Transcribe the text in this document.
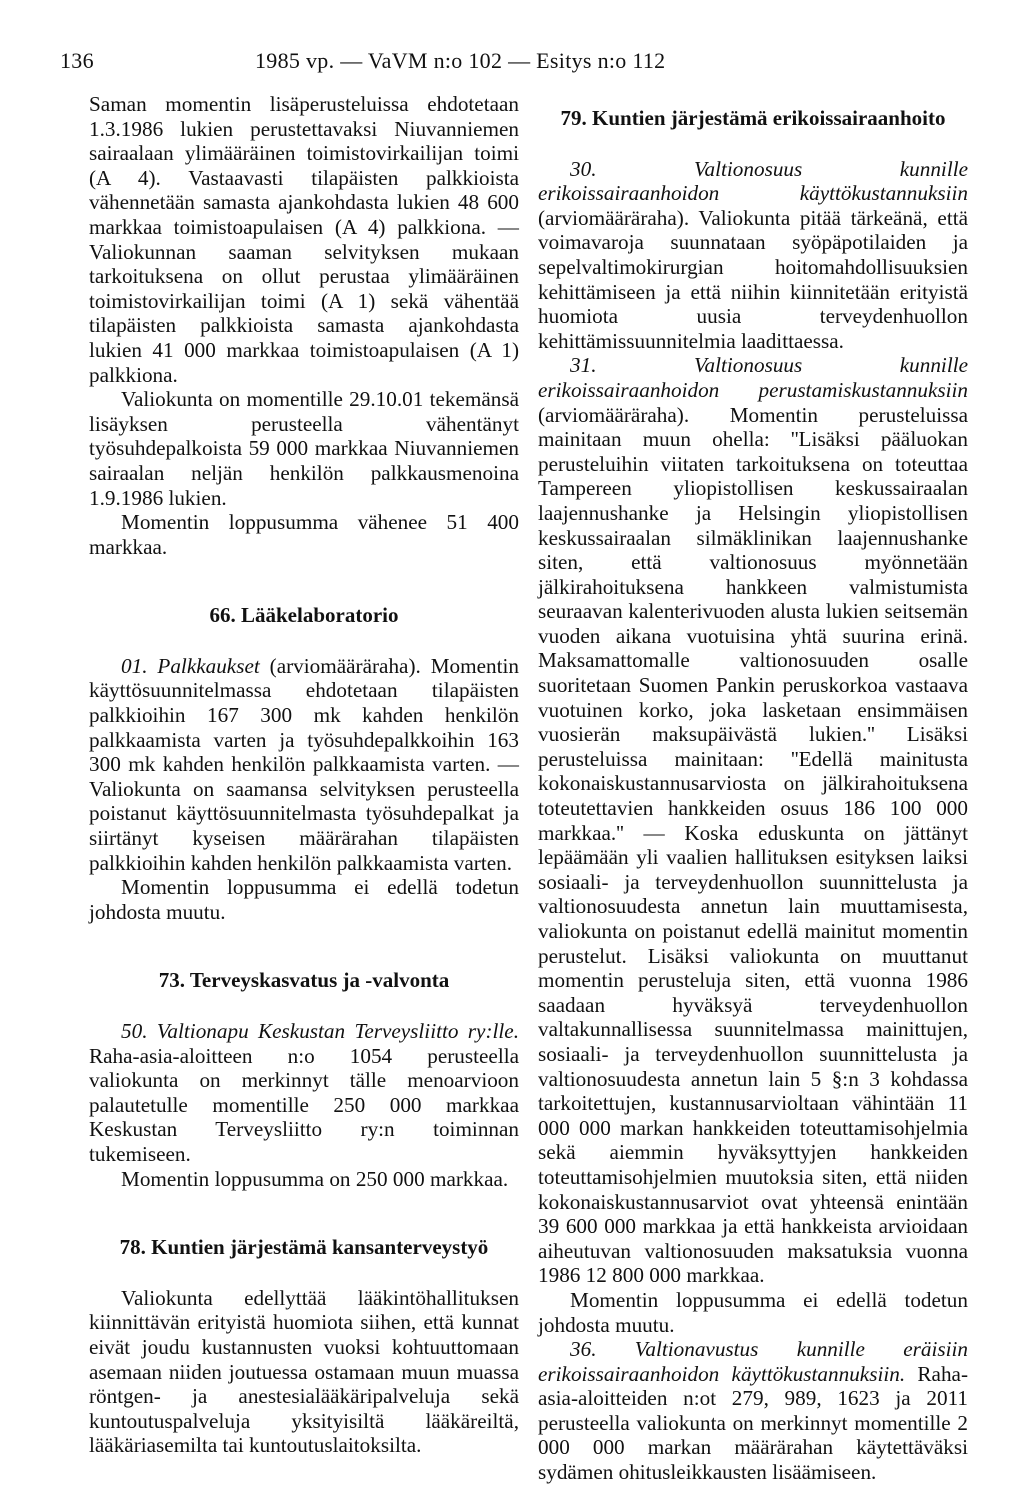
136	1985 vp. — VaVM n:o 102 — Esitys n:o 112

Saman momentin lisäperusteluissa ehdotetaan 1.3.1986 lukien perustettavaksi Niuvanniemen sairaalaan ylimääräinen toimistovirkailijan toimi (A 4). Vastaavasti tilapäisten palkkioista vähennetään samasta ajankohdasta lukien 48 600 markkaa toimistoapulaisen (A 4) palkkiona. — Valiokunnan saaman selvityksen mukaan tarkoituksena on ollut perustaa ylimääräinen toimistovirkailijan toimi (A 1) sekä vähentää tilapäisten palkkioista samasta ajankohdasta lukien 41 000 markkaa toimistoapulaisen (A 1) palkkiona.

Valiokunta on momentille 29.10.01 tekemänsä lisäyksen perusteella vähentänyt työsuhdepalkoista 59 000 markkaa Niuvanniemen sairaalan neljän henkilön palkkausmenoina 1.9.1986 lukien.

Momentin loppusumma vähenee 51 400 markkaa.

66. Lääkelaboratorio

01. Palkkaukset (arviomääräraha). Momentin käyttösuunnitelmassa ehdotetaan tilapäisten palkkioihin 167 300 mk kahden henkilön palkkaamista varten ja työsuhdepalkkoihin 163 300 mk kahden henkilön palkkaamista varten. — Valiokunta on saamansa selvityksen perusteella poistanut käyttösuunnitelmasta työsuhdepalkat ja siirtänyt kyseisen määrärahan tilapäisten palkkioihin kahden henkilön palkkaamista varten.

Momentin loppusumma ei edellä todetun johdosta muutu.

73. Terveyskasvatus ja -valvonta

50. Valtionapu Keskustan Terveysliitto ry:lle. Raha-asia-aloitteen n:o 1054 perusteella valiokunta on merkinnyt tälle menoarvioon palautetulle momentille 250 000 markkaa Keskustan Terveysliitto ry:n toiminnan tukemiseen.

Momentin loppusumma on 250 000 markkaa.

78. Kuntien järjestämä kansanterveystyö

Valiokunta edellyttää lääkintöhallituksen kiinnittävän erityistä huomiota siihen, että kunnat eivät joudu kustannusten vuoksi kohtuuttomaan asemaan niiden joutuessa ostamaan muun muassa röntgen- ja anestesialääkäripalveluja sekä kuntoutuspalveluja yksityisiltä lääkäreiltä, lääkäriasemilta tai kuntoutuslaitoksilta.

79. Kuntien järjestämä erikoissairaanhoito

30. Valtionosuus kunnille erikoissairaanhoidon käyttökustannuksiin (arviomääräraha). Valiokunta pitää tärkeänä, että voimavaroja suunnataan syöpäpotilaiden ja sepelvaltimokirurgian hoitomahdollisuuksien kehittämiseen ja että niihin kiinnitetään erityistä huomiota uusia terveydenhuollon kehittämissuunnitelmia laadittaessa.

31. Valtionosuus kunnille erikoissairaanhoidon perustamiskustannuksiin (arviomääräraha). Momentin perusteluissa mainitaan muun ohella: ''Lisäksi pääluokan perusteluihin viitaten tarkoituksena on toteuttaa Tampereen yliopistollisen keskussairaalan laajennushanke ja Helsingin yliopistollisen keskussairaalan silmäklinikan laajennushanke siten, että valtionosuus myönnetään jälkirahoituksena hankkeen valmistumista seuraavan kalenterivuoden alusta lukien seitsemän vuoden aikana vuotuisina yhtä suurina erinä. Maksamattomalle valtionosuuden osalle suoritetaan Suomen Pankin peruskorkoa vastaava vuotuinen korko, joka lasketaan ensimmäisen vuosierän maksupäivästä lukien.'' Lisäksi perusteluissa mainitaan: ''Edellä mainitusta kokonaiskustannusarviosta on jälkirahoituksena toteutettavien hankkeiden osuus 186 100 000 markkaa.'' — Koska eduskunta on jättänyt lepäämään yli vaalien hallituksen esityksen laiksi sosiaali- ja terveydenhuollon suunnittelusta ja valtionosuudesta annetun lain muuttamisesta, valiokunta on poistanut edellä mainitut momentin perustelut. Lisäksi valiokunta on muuttanut momentin perusteluja siten, että vuonna 1986 saadaan hyväksyä terveydenhuollon valtakunnallisessa suunnitelmassa mainittujen, sosiaali- ja terveydenhuollon suunnittelusta ja valtionosuudesta annetun lain 5 §:n 3 kohdassa tarkoitettujen, kustannusarvioltaan vähintään 11 000 000 markan hankkeiden toteuttamisohjelmia sekä aiemmin hyväksyttyjen hankkeiden toteuttamisohjelmien muutoksia siten, että niiden kokonaiskustannusarviot ovat yhteensä enintään 39 600 000 markkaa ja että hankkeista arvioidaan aiheutuvan valtionosuuden maksatuksia vuonna 1986 12 800 000 markkaa.

Momentin loppusumma ei edellä todetun johdosta muutu.

36. Valtionavustus kunnille eräisiin erikoissairaanhoidon käyttökustannuksiin. Raha-asia-aloitteiden n:ot 279, 989, 1623 ja 2011 perusteella valiokunta on merkinnyt momentille 2 000 000 markan määrärahan käytettäväksi sydämen ohitusleikkausten lisäämiseen.
